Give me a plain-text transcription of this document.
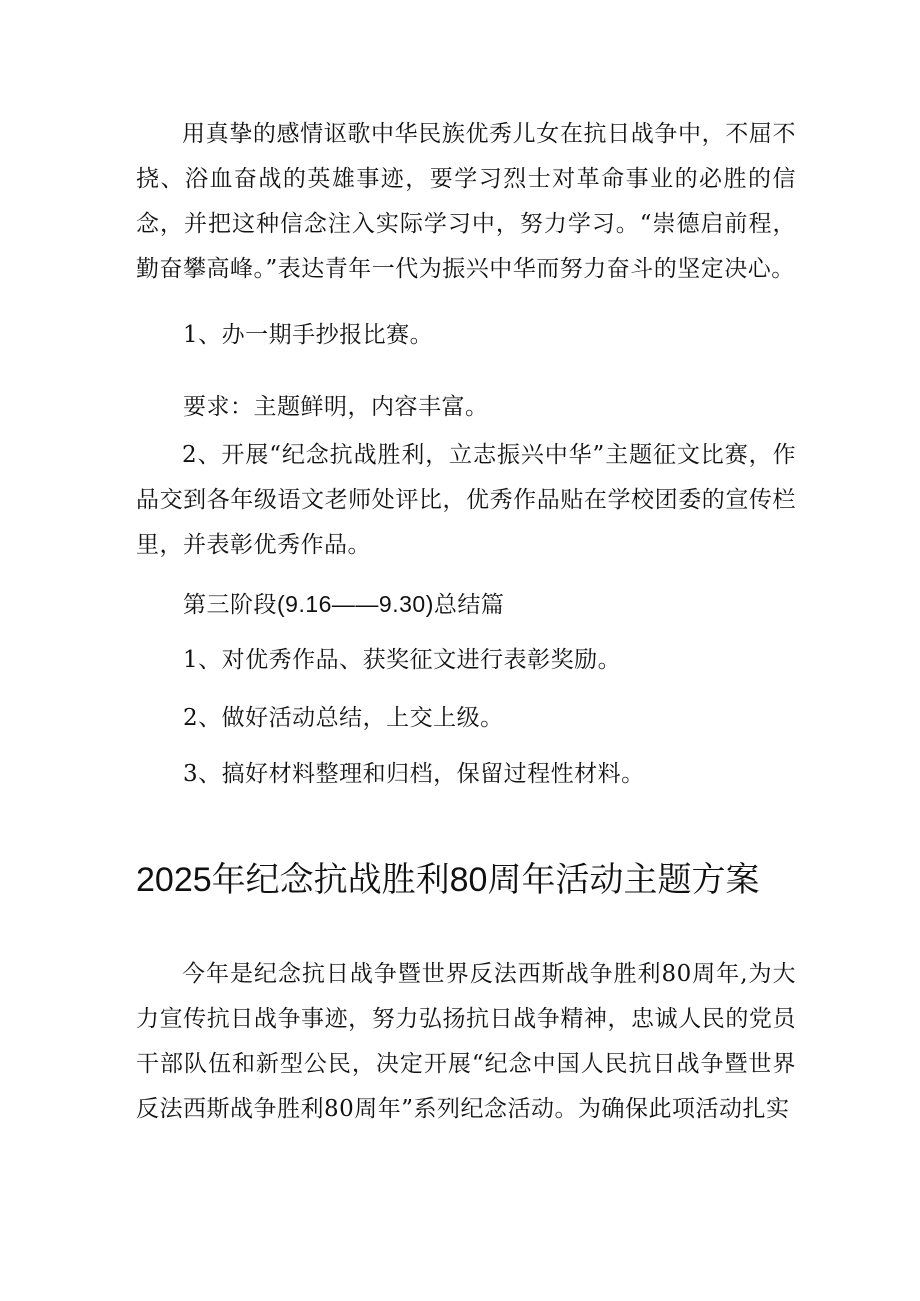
用真挚的感情讴歌中华民族优秀儿女在抗日战争中，不屈不挠、浴血奋战的英雄事迹，要学习烈士对革命事业的必胜的信念，并把这种信念注入实际学习中，努力学习。“崇德启前程，勤奋攀高峰。”表达青年一代为振兴中华而努力奋斗的坚定决心。

1、办一期手抄报比赛。

要求：主题鲜明，内容丰富。

2、开展“纪念抗战胜利，立志振兴中华”主题征文比赛，作品交到各年级语文老师处评比，优秀作品贴在学校团委的宣传栏里，并表彰优秀作品。

第三阶段(9.16——9.30)总结篇

1、对优秀作品、获奖征文进行表彰奖励。

2、做好活动总结，上交上级。

3、搞好材料整理和归档，保留过程性材料。

2025年纪念抗战胜利80周年活动主题方案

今年是纪念抗日战争暨世界反法西斯战争胜利80周年,为大力宣传抗日战争事迹，努力弘扬抗日战争精神，忠诚人民的党员干部队伍和新型公民，决定开展“纪念中国人民抗日战争暨世界反法西斯战争胜利80周年”系列纪念活动。为确保此项活动扎实
